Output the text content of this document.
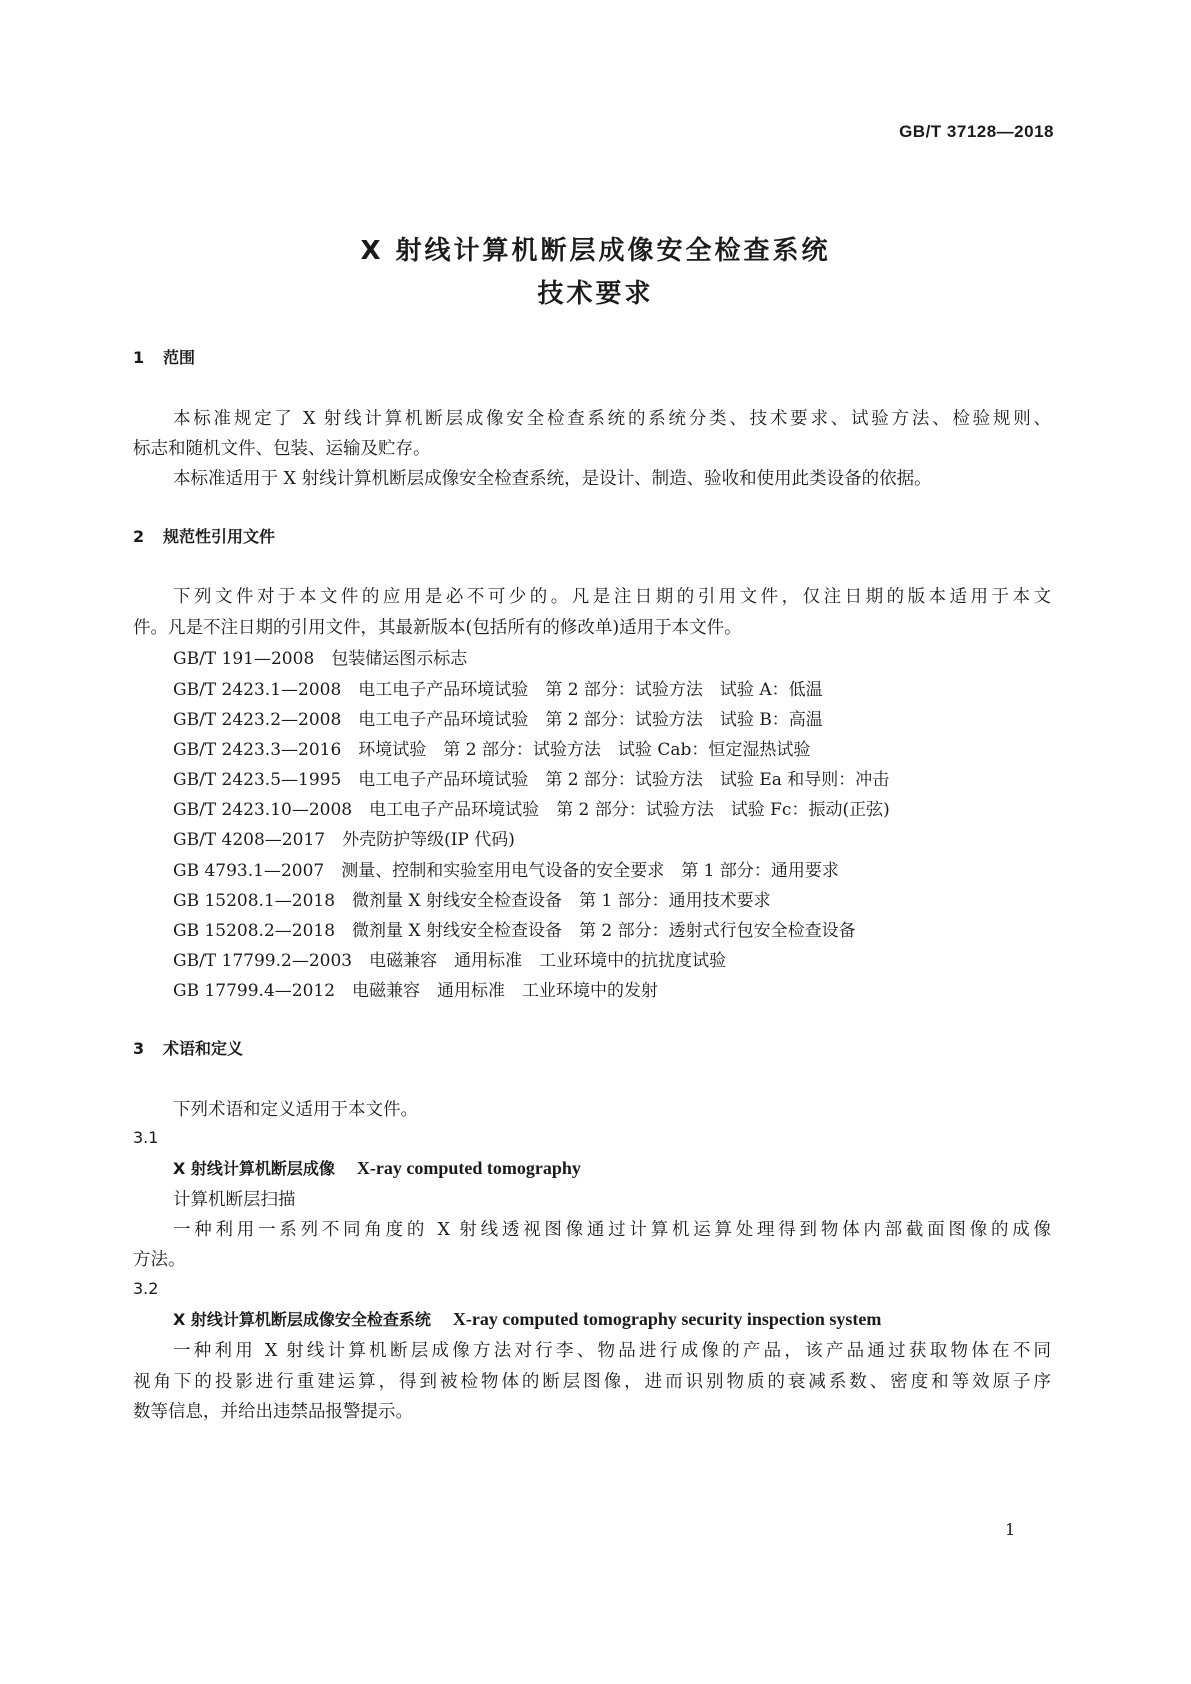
GB/T 37128—2018
X 射线计算机断层成像安全检查系统
技术要求
1 范围
本标准规定了 X 射线计算机断层成像安全检查系统的系统分类、技术要求、试验方法、检验规则、
标志和随机文件、包装、运输及贮存。
本标准适用于 X 射线计算机断层成像安全检查系统，是设计、制造、验收和使用此类设备的依据。
2 规范性引用文件
下列文件对于本文件的应用是必不可少的。凡是注日期的引用文件，仅注日期的版本适用于本文
件。凡是不注日期的引用文件，其最新版本(包括所有的修改单)适用于本文件。
GB/T 191—2008　包装储运图示标志
GB/T 2423.1—2008　电工电子产品环境试验　第 2 部分：试验方法　试验 A：低温
GB/T 2423.2—2008　电工电子产品环境试验　第 2 部分：试验方法　试验 B：高温
GB/T 2423.3—2016　环境试验　第 2 部分：试验方法　试验 Cab：恒定湿热试验
GB/T 2423.5—1995　电工电子产品环境试验　第 2 部分：试验方法　试验 Ea 和导则：冲击
GB/T 2423.10—2008　电工电子产品环境试验　第 2 部分：试验方法　试验 Fc：振动(正弦)
GB/T 4208—2017　外壳防护等级(IP 代码)
GB 4793.1—2007　测量、控制和实验室用电气设备的安全要求　第 1 部分：通用要求
GB 15208.1—2018　微剂量 X 射线安全检查设备　第 1 部分：通用技术要求
GB 15208.2—2018　微剂量 X 射线安全检查设备　第 2 部分：透射式行包安全检查设备
GB/T 17799.2—2003　电磁兼容　通用标准　工业环境中的抗扰度试验
GB 17799.4—2012　电磁兼容　通用标准　工业环境中的发射
3 术语和定义
下列术语和定义适用于本文件。
3.1
X 射线计算机断层成像 X-ray computed tomography
计算机断层扫描
一种利用一系列不同角度的 X 射线透视图像通过计算机运算处理得到物体内部截面图像的成像
方法。
3.2
X 射线计算机断层成像安全检查系统 X-ray computed tomography security inspection system
一种利用 X 射线计算机断层成像方法对行李、物品进行成像的产品，该产品通过获取物体在不同
视角下的投影进行重建运算，得到被检物体的断层图像，进而识别物质的衰减系数、密度和等效原子序
数等信息，并给出违禁品报警提示。
1
